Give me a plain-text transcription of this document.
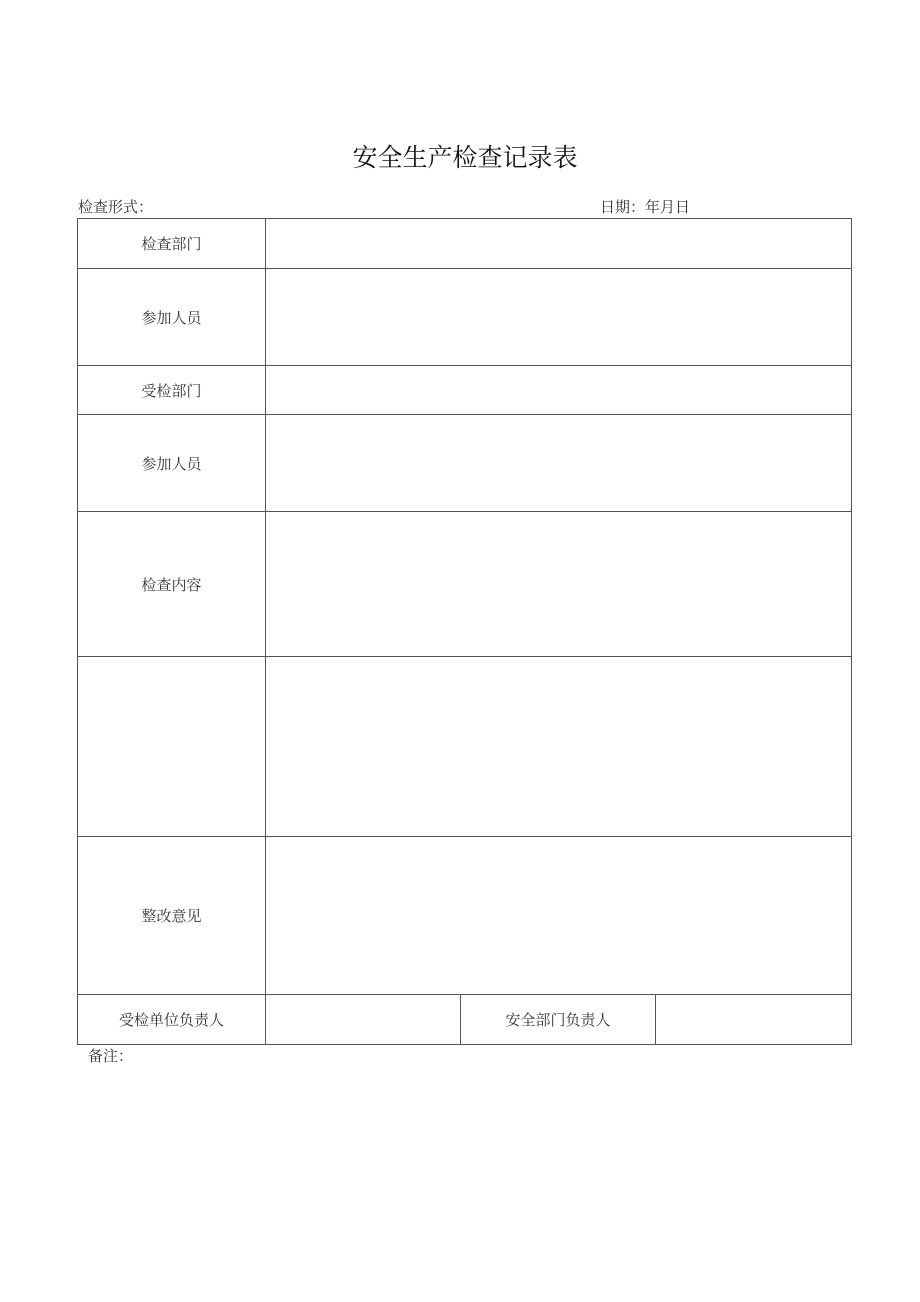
安全生产检查记录表
检查形式：	日期：年月日
检查部门			
参加人员			
受检部门			
参加人员			
检查内容			

整改意见			
受检单位负责人		安全部门负责人	
备注：
